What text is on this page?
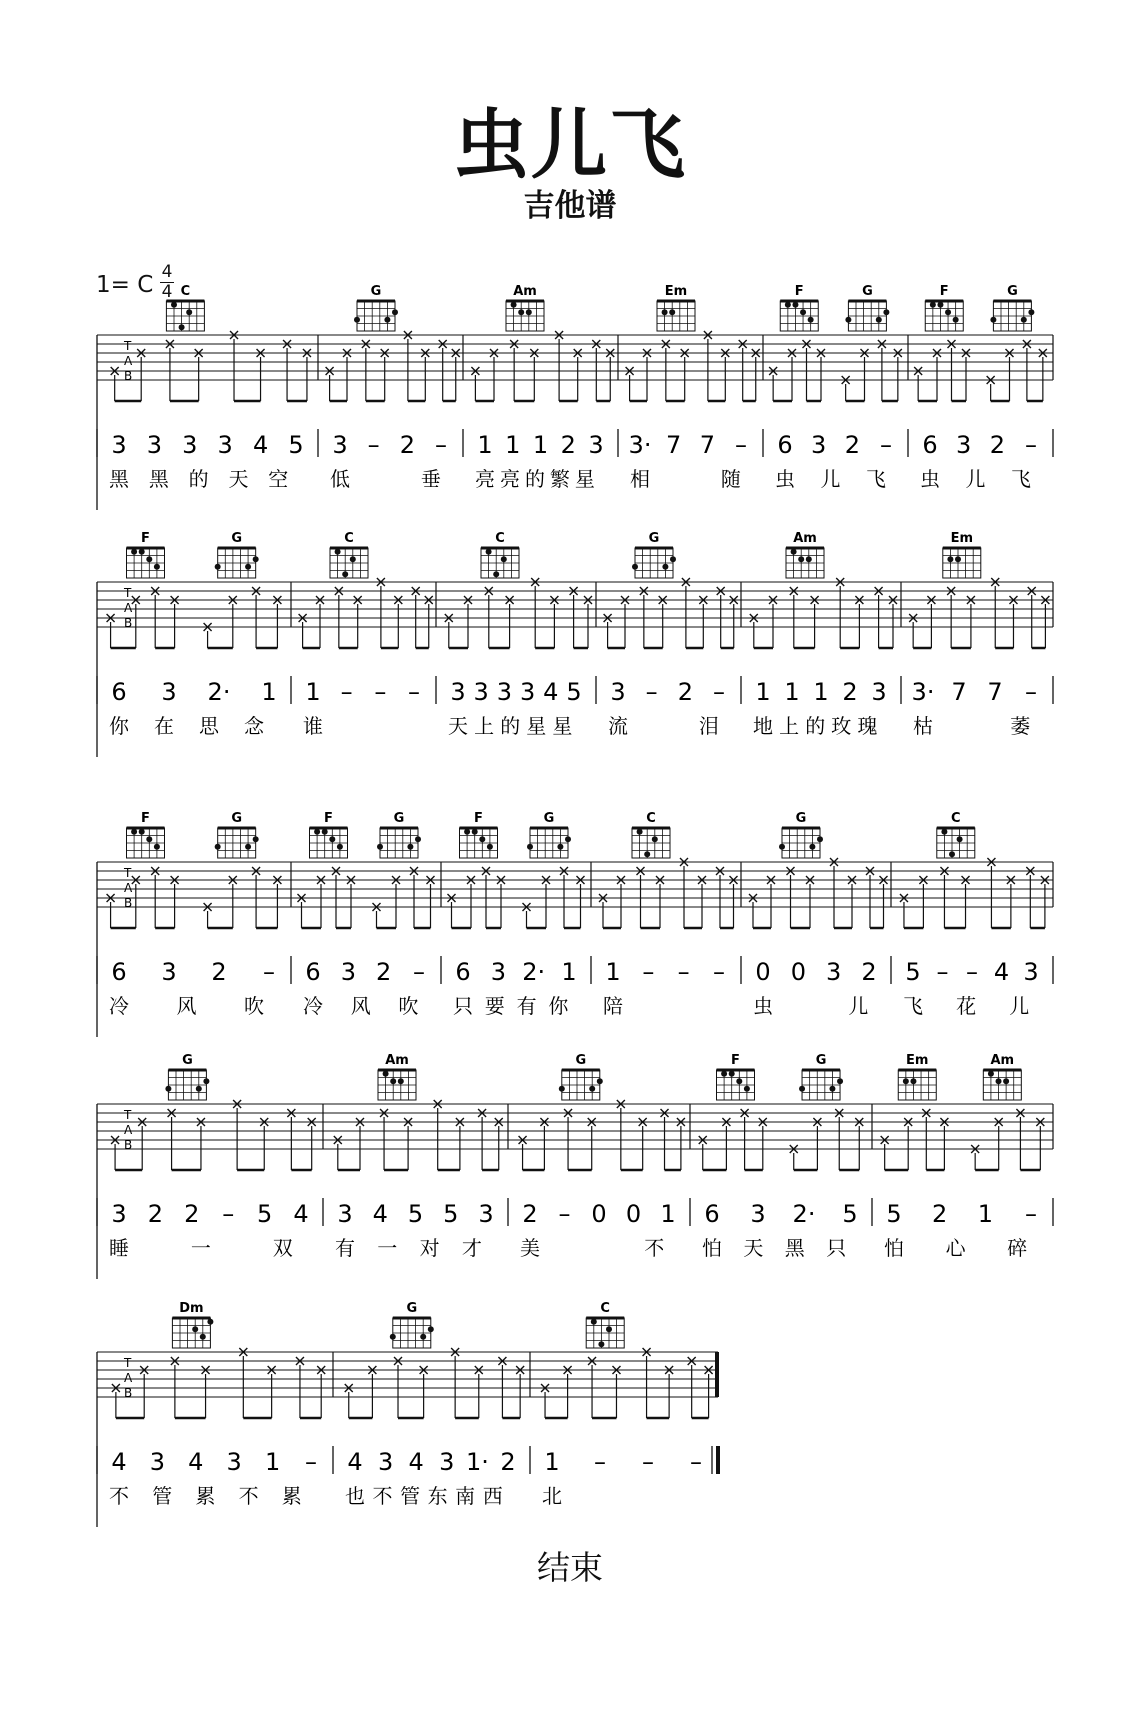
虫儿飞
吉他谱
1= C 4
4
T
A
B
C
3 3 3 3 4 5
黑 黑 的 天 空
G
3 – 2 –
低	垂
Am
1 1 1 2 3
亮 亮 的 繁 星
Em
3· 7 7 –
相	随
F	G
6 3 2 –
虫 儿 飞
F	G
6 3 2 –
虫 儿 飞
T
A
B
F	G
6 3 2· 1
你 在 思 念
C
1 – – –
谁
C
3 3 3 3 4 5
天 上 的 星 星
G
3 – 2 –
流	泪
Am
1 1 1 2 3
地 上 的 玫 瑰
Em
3· 7 7 –
枯	萎
T
A
B
F	G
6 3 2 –
冷 风 吹
F	G
6 3 2 –
冷 风 吹
F	G
6 3 2· 1
只 要 有 你
C
1 – – –
陪
G
0 0 3 2
虫	儿
C
5 – – 4 3
飞 花 儿
T
A
B
G
3 2 2 – 5 4
睡	一	双
Am
3 4 5 5 3
有 一 对 才
G
2 – 0 0 1
美	不
F	G
6 3 2· 5
怕 天 黑 只
Em	Am
5 2 1 –
怕 心 碎
T
A
B
Dm
4 3 4 3 1 –
不 管 累 不 累
G
4 3 4 3 1· 2
也 不 管 东 南 西
C
1 – – –
北
结束
